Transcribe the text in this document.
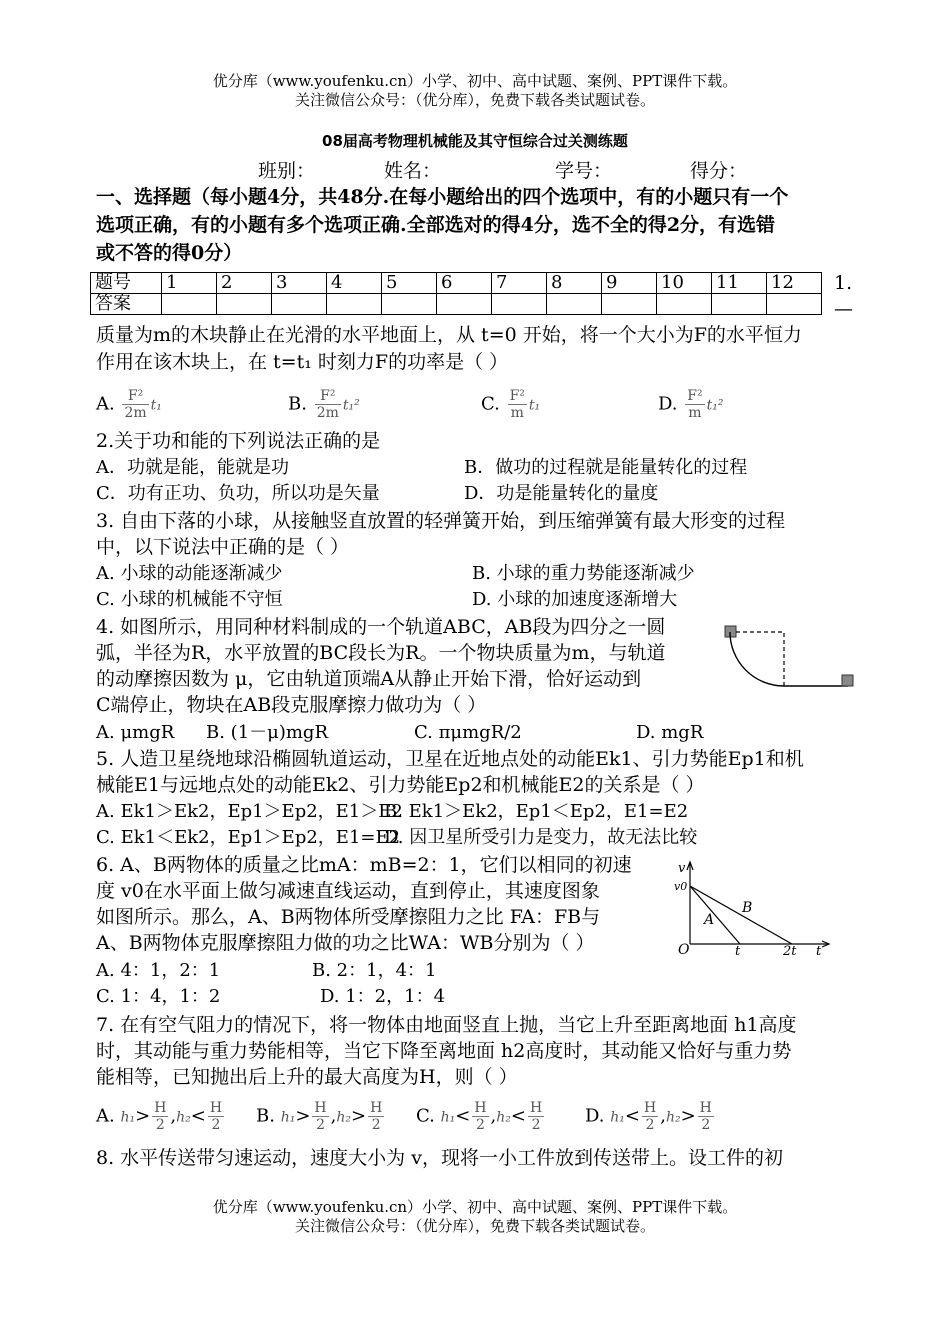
优分库（www.youfenku.cn）小学、初中、高中试题、案例、PPT课件下载。
关注微信公众号：（优分库），免费下载各类试题试卷。
08届高考物理机械能及其守恒综合过关测练题
班别：	姓名：	学号：	得分：
一、选择题（每小题4分，共48分.在每小题给出的四个选项中，有的小题只有一个
选项正确，有的小题有多个选项正确.全部选对的得4分，选不全的得2分，有选错
或不答的得0分）
题号	1	2	3	4	5	6	7	8	9	10	11	12
答案												
1.
—
质量为m的木块静止在光滑的水平地面上，从 t=0 开始，将一个大小为F的水平恒力
作用在该木块上，在 t=t₁ 时刻力F的功率是（ ）
A. $\frac{\text{F²}}{2m} t_1$	B. $\frac{\text{F²}}{2m} t_1^2$	C. $\frac{\text{F²}}{m} t_1$	D. $\frac{\text{F²}}{m} t_1^2$
2.关于功和能的下列说法正确的是
A．功就是能，能就是功	B．做功的过程就是能量转化的过程
C．功有正功、负功，所以功是矢量	D．功是能量转化的量度
3. 自由下落的小球，从接触竖直放置的轻弹簧开始，到压缩弹簧有最大形变的过程
中，以下说法中正确的是（ ）
A. 小球的动能逐渐减少	B. 小球的重力势能逐渐减少
C. 小球的机械能不守恒	D. 小球的加速度逐渐增大
4. 如图所示，用同种材料制成的一个轨道ABC，AB段为四分之一圆
弧，半径为R，水平放置的BC段长为R。一个物块质量为m，与轨道
的动摩擦因数为 μ，它由轨道顶端A从静止开始下滑，恰好运动到
C端停止，物块在AB段克服摩擦力做功为（ ）
A. μmgR B. (1－μ)mgR	C. πμmgR/2	D. mgR
5. 人造卫星绕地球沿椭圆轨道运动，卫星在近地点处的动能Ek1、引力势能Ep1和机
械能E1与远地点处的动能Ek2、引力势能Ep2和机械能E2的关系是（ ）
A. Ek1＞Ek2，Ep1＞Ep2，E1＞E2
B. Ek1＞Ek2，Ep1＜Ep2，E1=E2
C. Ek1＜Ek2，Ep1＞Ep2，E1=E2
D. 因卫星所受引力是变力，故无法比较
6. A、B两物体的质量之比mA：mB=2：1，它们以相同的初速
度 v0在水平面上做匀减速直线运动，直到停止，其速度图象
如图所示。那么，A、B两物体所受摩擦阻力之比 FA：FB与
A、B两物体克服摩擦阻力做的功之比WA：WB分别为（ ）
A. 4：1，2：1	B. 2：1，4：1
C. 1：4，1：2	D. 1：2，1：4
v
v0
A
B
O	t	2t t
7. 在有空气阻力的情况下，将一物体由地面竖直上抛，当它上升至距离地面 h1高度
时，其动能与重力势能相等，当它下降至离地面 h2高度时，其动能又恰好与重力势
能相等，已知抛出后上升的最大高度为H，则（ ）
A. $h_1> \frac{H}{2} ,h_2< \frac{H}{2} B$. $h_1> \frac{H}{2} ,h_2> \frac{H}{2} C$. $h_1< \frac{H}{2} ,h_2< \frac{H}{2} D$. $h_1< \frac{H}{2} ,h_2> \frac{H}{2}$
8. 水平传送带匀速运动，速度大小为 v，现将一小工件放到传送带上。设工件的初
优分库（www.youfenku.cn）小学、初中、高中试题、案例、PPT课件下载。
关注微信公众号：（优分库），免费下载各类试题试卷。
